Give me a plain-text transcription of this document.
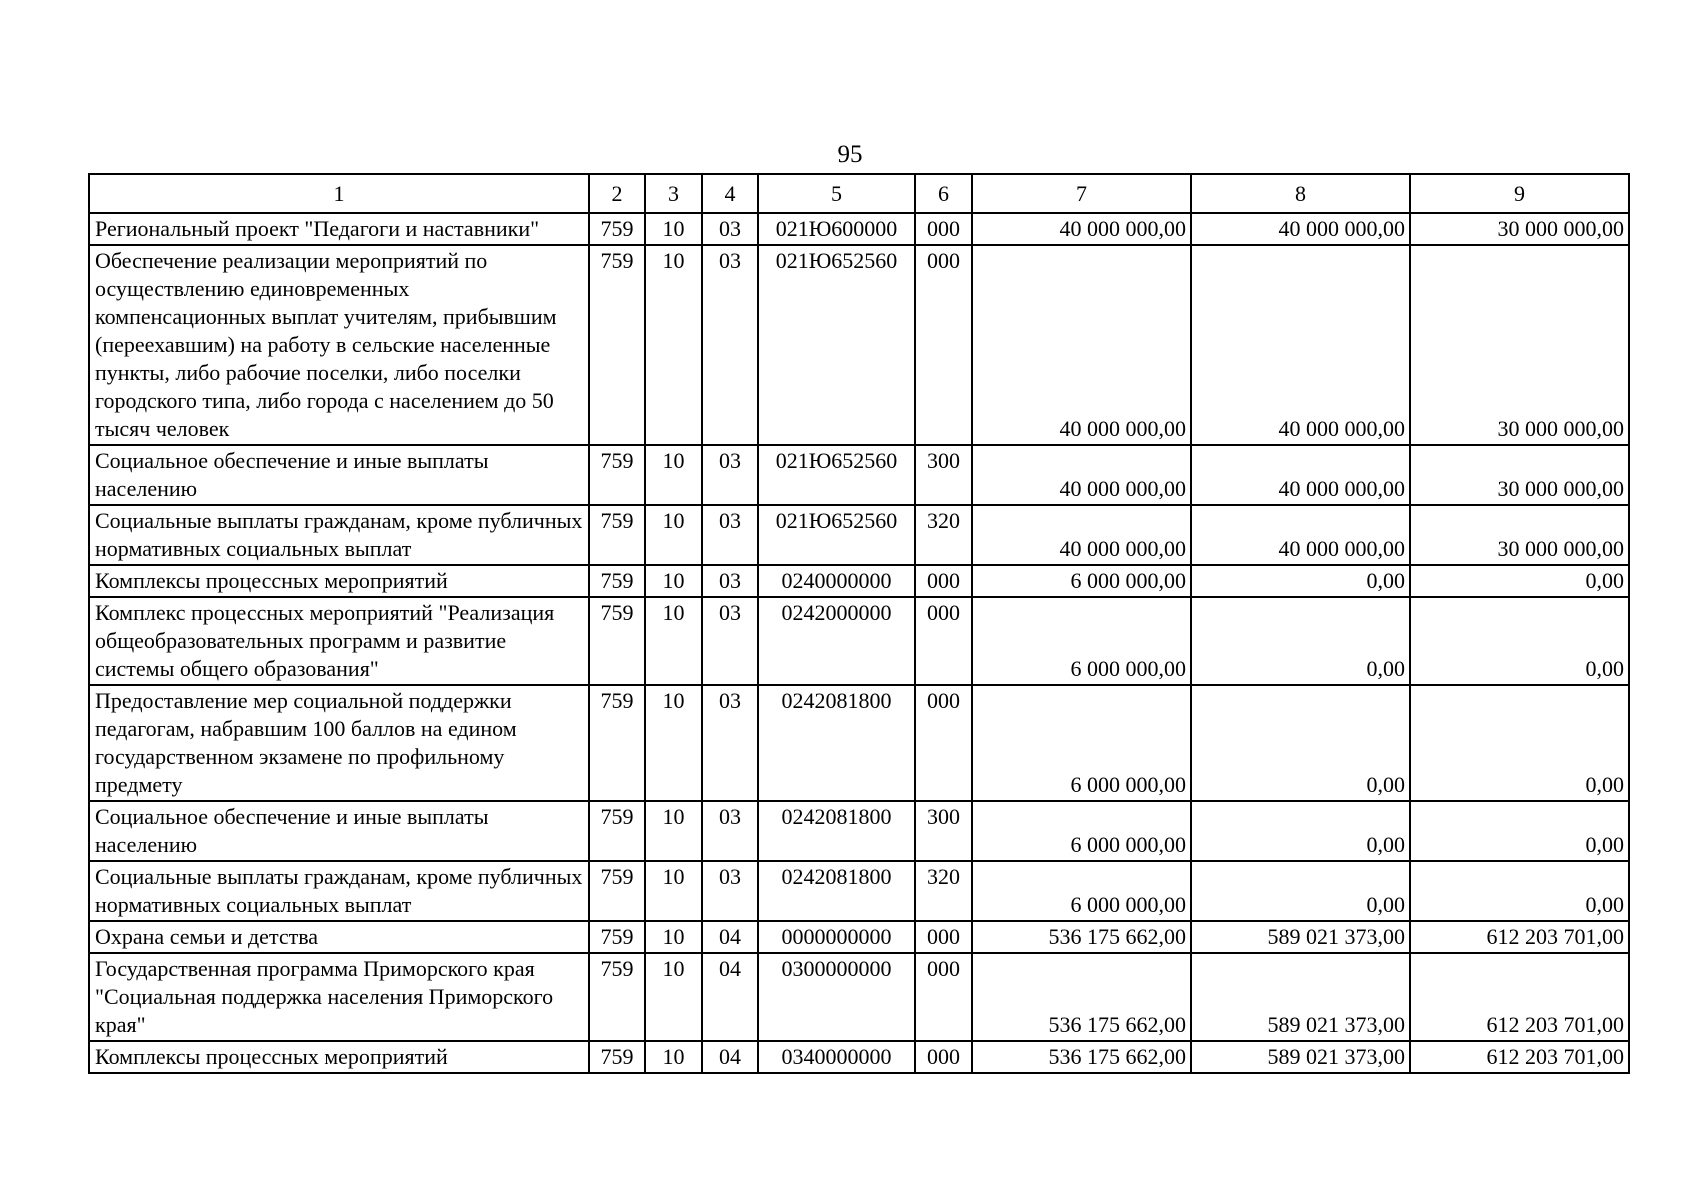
95
1	2	3	4	5	6	7	8	9
Региональный проект "Педагоги и наставники"	759	10	03	021Ю600000	000	40 000 000,00	40 000 000,00	30 000 000,00
Обеспечение реализации мероприятий по осуществлению единовременных компенсационных выплат учителям, прибывшим (переехавшим) на работу в сельские населенные пункты, либо рабочие поселки, либо поселки городского типа, либо города с населением до 50 тысяч человек	759	10	03	021Ю652560	000	40 000 000,00	40 000 000,00	30 000 000,00
Социальное обеспечение и иные выплаты населению	759	10	03	021Ю652560	300	40 000 000,00	40 000 000,00	30 000 000,00
Социальные выплаты гражданам, кроме публичных нормативных социальных выплат	759	10	03	021Ю652560	320	40 000 000,00	40 000 000,00	30 000 000,00
Комплексы процессных мероприятий	759	10	03	0240000000	000	6 000 000,00	0,00	0,00
Комплекс процессных мероприятий "Реализация общеобразовательных программ и развитие системы общего образования"	759	10	03	0242000000	000	6 000 000,00	0,00	0,00
Предоставление мер социальной поддержки педагогам, набравшим 100 баллов на едином государственном экзамене по профильному предмету	759	10	03	0242081800	000	6 000 000,00	0,00	0,00
Социальное обеспечение и иные выплаты населению	759	10	03	0242081800	300	6 000 000,00	0,00	0,00
Социальные выплаты гражданам, кроме публичных нормативных социальных выплат	759	10	03	0242081800	320	6 000 000,00	0,00	0,00
Охрана семьи и детства	759	10	04	0000000000	000	536 175 662,00	589 021 373,00	612 203 701,00
Государственная программа Приморского края "Социальная поддержка населения Приморского края"	759	10	04	0300000000	000	536 175 662,00	589 021 373,00	612 203 701,00
Комплексы процессных мероприятий	759	10	04	0340000000	000	536 175 662,00	589 021 373,00	612 203 701,00
